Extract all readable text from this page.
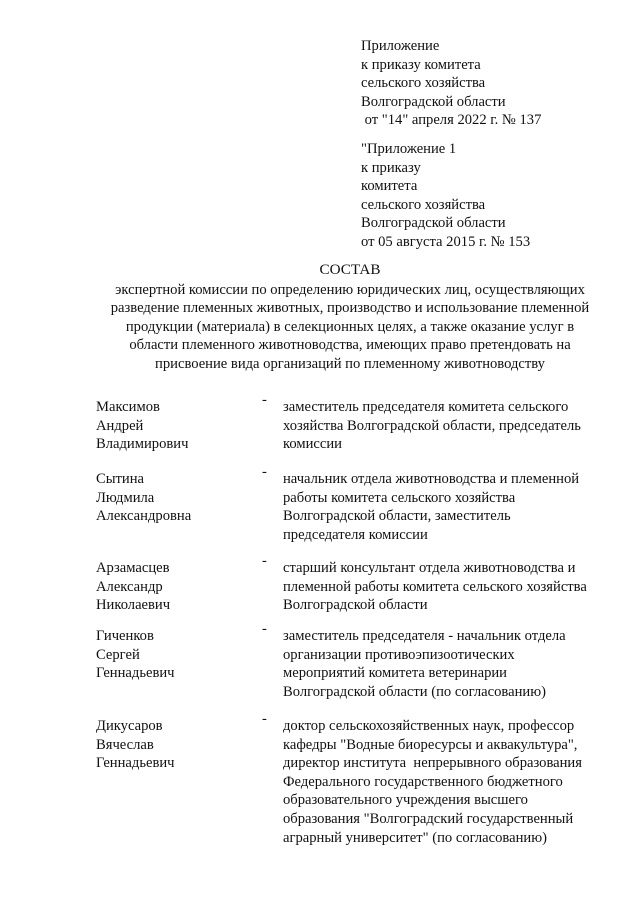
Приложение
к приказу комитета
сельского хозяйства
Волгоградской области
от "14" апреля 2022 г. № 137
"Приложение 1
к приказу
комитета
сельского хозяйства
Волгоградской области
от 05 августа 2015 г. № 153
СОСТАВ
экспертной комиссии по определению юридических лиц, осуществляющих
разведение племенных животных, производство и использование племенной
продукции (материала) в селекционных целях, а также оказание услуг в
области племенного животноводства, имеющих право претендовать на
присвоение вида организаций по племенному животноводству
Максимов
Андрей
Владимирович
- заместитель председателя комитета сельского
хозяйства Волгоградской области, председатель
комиссии
Сытина
Людмила
Александровна
- начальник отдела животноводства и племенной
работы комитета сельского хозяйства
Волгоградской области, заместитель
председателя комиссии
Арзамасцев
Александр
Николаевич
- старший консультант отдела животноводства и
племенной работы комитета сельского хозяйства
Волгоградской области
Гиченков
Сергей
Геннадьевич
- заместитель председателя - начальник отдела
организации противоэпизоотических
мероприятий комитета ветеринарии
Волгоградской области (по согласованию)
Дикусаров
Вячеслав
Геннадьевич
- доктор сельскохозяйственных наук, профессор
кафедры "Водные биоресурсы и аквакультура",
директор института  непрерывного образования
Федерального государственного бюджетного
образовательного учреждения высшего
образования "Волгоградский государственный
аграрный университет" (по согласованию)
